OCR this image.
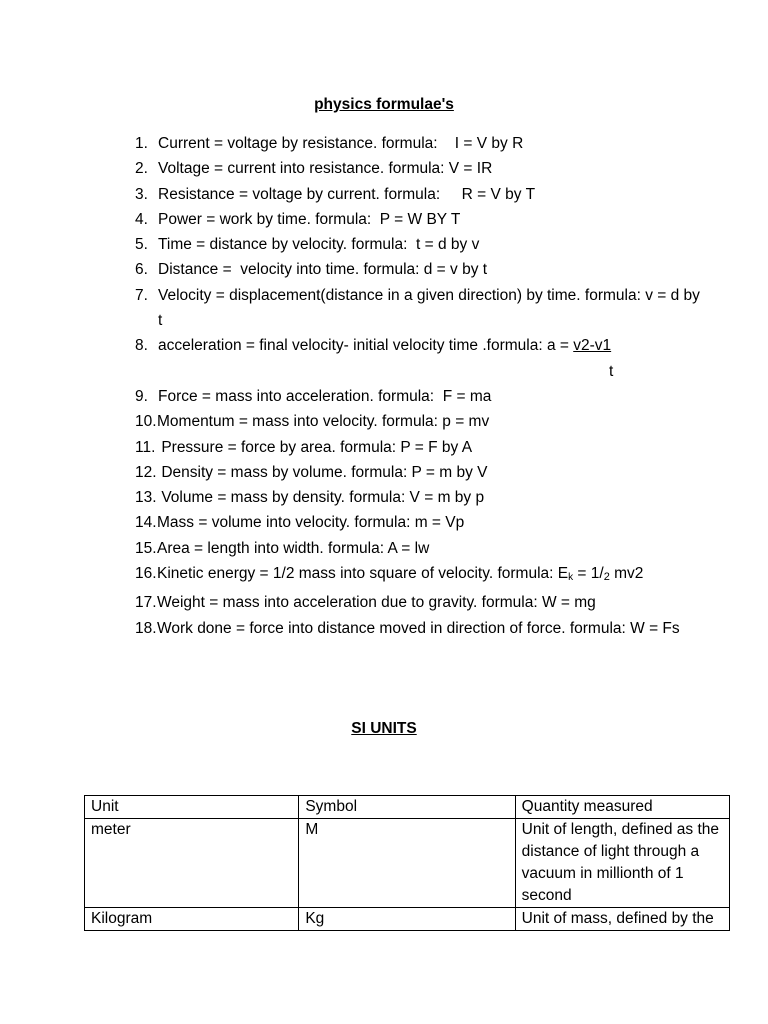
physics formulae's
1. Current = voltage by resistance. formula:    I = V by R
2. Voltage = current into resistance. formula: V = IR
3. Resistance = voltage by current. formula:     R = V by T
4. Power = work by time. formula:  P = W BY T
5. Time = distance by velocity. formula:  t = d by v
6. Distance =  velocity into time. formula: d = v by t
7. Velocity = displacement(distance in a given direction) by time. formula: v = d by
t
8. acceleration = final velocity- initial velocity time .formula: a = v2-v1
t
9. Force = mass into acceleration. formula:  F = ma
10. Momentum = mass into velocity. formula: p = mv
11. Pressure = force by area. formula: P = F by A
12. Density = mass by volume. formula: P = m by V
13. Volume = mass by density. formula: V = m by p
14. Mass = volume into velocity. formula: m = Vp
15. Area = length into width. formula: A = lw
16. Kinetic energy = 1/2 mass into square of velocity. formula: $E_k = 1/2$ mv2
17. Weight = mass into acceleration due to gravity. formula: W = mg
18. Work done = force into distance moved in direction of force. formula: W = Fs
SI UNITS
Unit	Symbol	Quantity measured
meter	M	Unit of length, defined as the distance of light through a vacuum in millionth of 1 second
Kilogram	Kg	Unit of mass, defined by the
